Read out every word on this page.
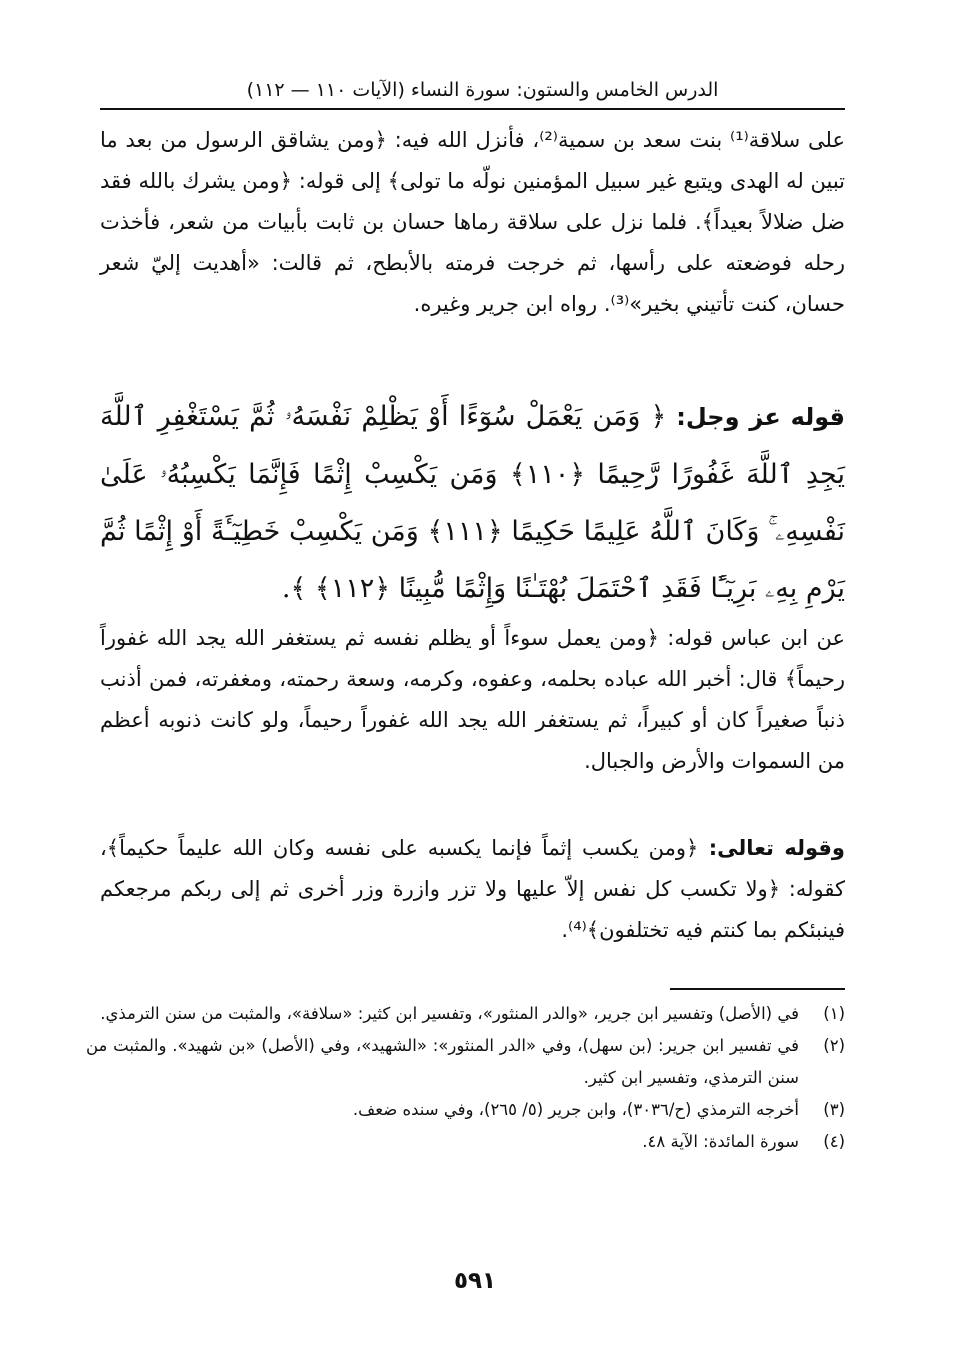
الدرس الخامس والستون: سورة النساء (الآيات ١١٠ — ١١٢)

على سلاقة⁽¹⁾ بنت سعد بن سمية⁽²⁾، فأنزل الله فيه: ﴿ومن يشاقق الرسول من بعد ما تبين له الهدى ويتبع غير سبيل المؤمنين نولّه ما تولى﴾ إلى قوله: ﴿ومن يشرك بالله فقد ضل ضلالاً بعيداً﴾. فلما نزل على سلاقة رماها حسان بن ثابت بأبيات من شعر، فأخذت رحله فوضعته على رأسها، ثم خرجت فرمته بالأبطح، ثم قالت: «أهديت إليّ شعر حسان، كنت تأتيني بخير»⁽³⁾. رواه ابن جرير وغيره.

قوله عز وجل: ﴿ وَمَن يَعْمَلْ سُوٓءًا أَوْ يَظْلِمْ نَفْسَهُۥ ثُمَّ يَسْتَغْفِرِ ٱللَّهَ يَجِدِ ٱللَّهَ غَفُورًا رَّحِيمًا ﴿١١٠﴾ وَمَن يَكْسِبْ إِثْمًا فَإِنَّمَا يَكْسِبُهُۥ عَلَىٰ نَفْسِهِۦ ۚ وَكَانَ ٱللَّهُ عَلِيمًا حَكِيمًا ﴿١١١﴾ وَمَن يَكْسِبْ خَطِيٓـَٔةً أَوْ إِثْمًا ثُمَّ يَرْمِ بِهِۦ بَرِيٓـًٔا فَقَدِ ٱحْتَمَلَ بُهْتَـٰنًا وَإِثْمًا مُّبِينًا ﴿١١٢﴾ ﴾.

عن ابن عباس قوله: ﴿ومن يعمل سوءاً أو يظلم نفسه ثم يستغفر الله يجد الله غفوراً رحيماً﴾ قال: أخبر الله عباده بحلمه، وعفوه، وكرمه، وسعة رحمته، ومغفرته، فمن أذنب ذنباً صغيراً كان أو كبيراً، ثم يستغفر الله يجد الله غفوراً رحيماً، ولو كانت ذنوبه أعظم من السموات والأرض والجبال.

وقوله تعالى: ﴿ومن يكسب إثماً فإنما يكسبه على نفسه وكان الله عليماً حكيماً﴾، كقوله: ﴿ولا تكسب كل نفس إلاّ عليها ولا تزر وازرة وزر أخرى ثم إلى ربكم مرجعكم فينبئكم بما كنتم فيه تختلفون﴾⁽⁴⁾.

(١)
في (الأصل) وتفسير ابن جرير، «والدر المنثور»، وتفسير ابن كثير: «سلافة»، والمثبت من سنن الترمذي.
(٢)
في تفسير ابن جرير: (بن سهل)، وفي «الدر المنثور»: «الشهيد»، وفي (الأصل) «بن شهيد». والمثبت من سنن الترمذي، وتفسير ابن كثير.
(٣)
أخرجه الترمذي (ح/٣٠٣٦)، وابن جرير (٥/ ٢٦٥)، وفي سنده ضعف.
(٤)
سورة المائدة: الآية ٤٨.
٥٩١
